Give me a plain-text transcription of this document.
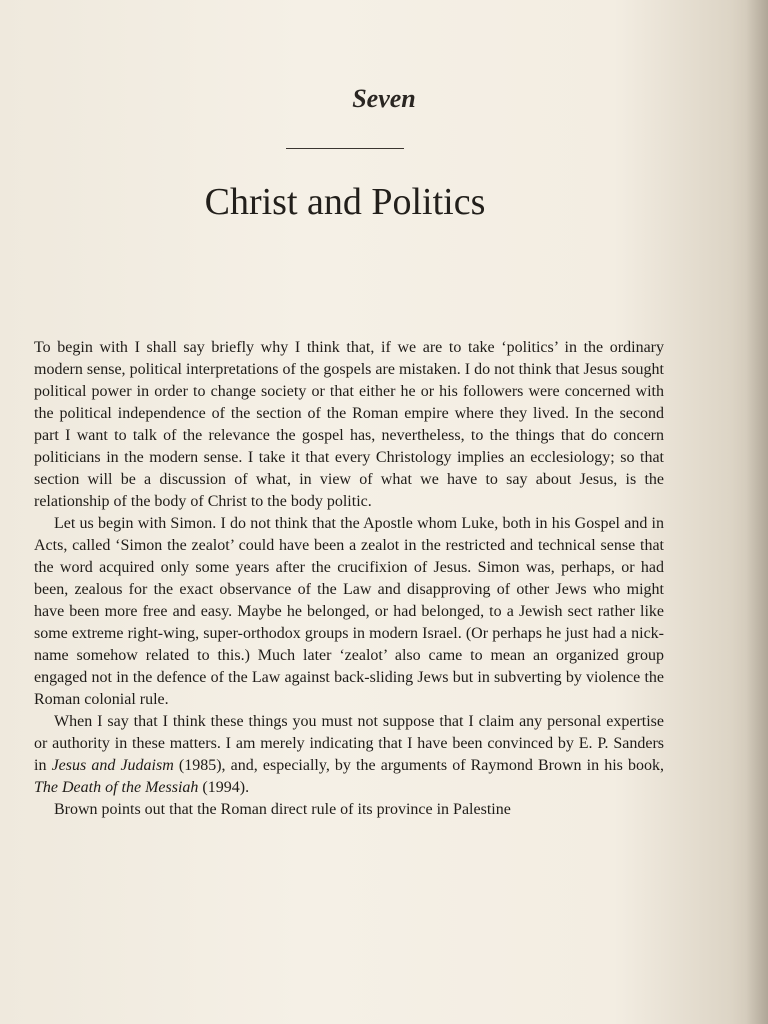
Seven
Christ and Politics

To begin with I shall say briefly why I think that, if we are to take ‘politics’ in the ordinary modern sense, political interpretations of the gospels are mistaken. I do not think that Jesus sought political power in order to change society or that either he or his followers were concerned with the political independence of the section of the Roman empire where they lived. In the second part I want to talk of the relevance the gospel has, nevertheless, to the things that do concern politicians in the modern sense. I take it that every Christology implies an ecclesiology; so that section will be a discussion of what, in view of what we have to say about Jesus, is the relationship of the body of Christ to the body politic.

Let us begin with Simon. I do not think that the Apostle whom Luke, both in his Gospel and in Acts, called ‘Simon the zealot’ could have been a zealot in the restricted and technical sense that the word acquired only some years after the crucifixion of Jesus. Simon was, perhaps, or had been, zealous for the exact observance of the Law and disapproving of other Jews who might have been more free and easy. Maybe he belonged, or had belonged, to a Jewish sect rather like some extreme right-wing, super-orthodox groups in modern Israel. (Or perhaps he just had a nick-name somehow related to this.) Much later ‘zealot’ also came to mean an organized group engaged not in the defence of the Law against back-sliding Jews but in subverting by violence the Roman colonial rule.

When I say that I think these things you must not suppose that I claim any personal expertise or authority in these matters. I am merely indicating that I have been convinced by E. P. Sanders in Jesus and Judaism (1985), and, especially, by the arguments of Raymond Brown in his book, The Death of the Messiah (1994).

Brown points out that the Roman direct rule of its province in Palestine
